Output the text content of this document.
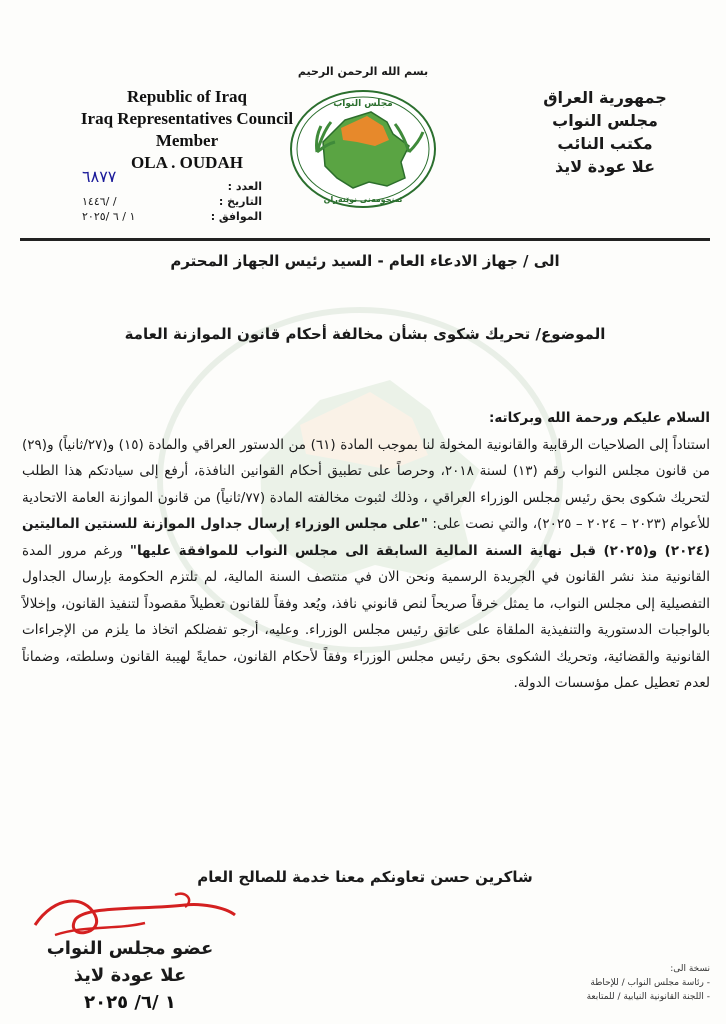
بسم الله الرحمن الرحيم
Republic of Iraq
Iraq Representatives Council
Member
OLA . OUDAH
جمهورية العراق
مجلس النواب
مكتب النائب
علا عودة لايذ
مجلس النواب
ئەنجومەنی نوێنەران
العدد :
٦٨٧٧
التاريخ :
/ /١٤٤٦
الموافق :
١ / ٦ /٢٠٢٥
الى / جهاز الادعاء العام - السيد رئيس الجهاز المحترم
الموضوع/ تحريك شكوى بشأن مخالفة أحكام قانون الموازنة العامة

السلام عليكم ورحمة الله وبركاته:

استناداً إلى الصلاحيات الرقابية والقانونية المخولة لنا بموجب المادة (٦١) من الدستور العراقي والمادة (١٥) و(٢٧/ثانياً) و(٢٩) من قانون مجلس النواب رقم (١٣) لسنة ٢٠١٨، وحرصاً على تطبيق أحكام القوانين النافذة، أرفع إلى سيادتكم هذا الطلب لتحريك شكوى بحق رئيس مجلس الوزراء العراقي ، وذلك لثبوت مخالفته المادة (٧٧/ثانياً) من قانون الموازنة العامة الاتحادية للأعوام (٢٠٢٣ – ٢٠٢٤ – ٢٠٢٥)، والتي نصت على: "على مجلس الوزراء إرسال جداول الموازنة للسنتين الماليتين (٢٠٢٤) و(٢٠٢٥) قبل نهاية السنة المالية السابقة الى مجلس النواب للموافقة عليها" ورغم مرور المدة القانونية منذ نشر القانون في الجريدة الرسمية ونحن الان في منتصف السنة المالية، لم تلتزم الحكومة بإرسال الجداول التفصيلية إلى مجلس النواب، ما يمثل خرقاً صريحاً لنص قانوني نافذ، ويُعد وفقاً للقانون تعطيلاً مقصوداً لتنفيذ القانون، وإخلالاً بالواجبات الدستورية والتنفيذية الملقاة على عاتق رئيس مجلس الوزراء. وعليه، أرجو تفضلكم اتخاذ ما يلزم من الإجراءات القانونية والقضائية، وتحريك الشكوى بحق رئيس مجلس الوزراء وفقاً لأحكام القانون، حمايةً لهيبة القانون وسلطته، وضماناً لعدم تعطيل عمل مؤسسات الدولة.

شاكرين حسن تعاونكم معنا خدمة للصالح العام
عضو مجلس النواب
علا عودة لايذ
١ /٦/ ٢٠٢٥
نسخة الى:
- رئاسة مجلس النواب / للإحاطة
- اللجنة القانونية النيابية / للمتابعة
